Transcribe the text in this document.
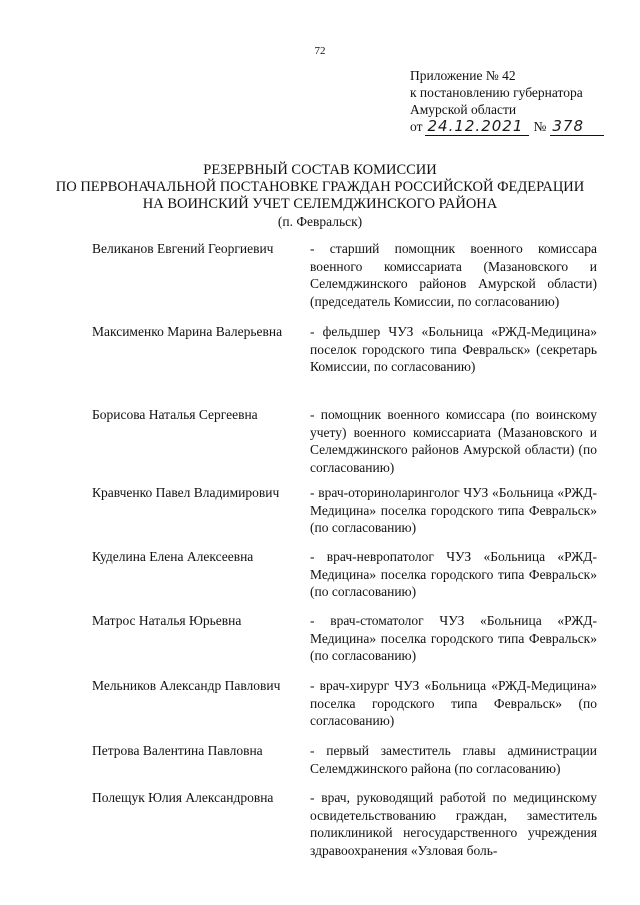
72
Приложение № 42
к постановлению губернатора
Амурской области
от 24.12.2021 № 378
РЕЗЕРВНЫЙ СОСТАВ КОМИССИИ
ПО ПЕРВОНАЧАЛЬНОЙ ПОСТАНОВКЕ ГРАЖДАН РОССИЙСКОЙ ФЕДЕРАЦИИ
НА ВОИНСКИЙ УЧЕТ СЕЛЕМДЖИНСКОГО РАЙОНА
(п. Февральск)
Великанов Евгений Георгиевич	- старший помощник военного комиссара военного комиссариата (Мазановского и Селемджинского районов Амурской области) (председатель Комиссии, по согласованию)
Максименко Марина Валерьевна	- фельдшер ЧУЗ «Больница «РЖД-Медицина» поселок городского типа Февральск» (секретарь Комиссии, по согласованию)
Борисова Наталья Сергеевна	- помощник военного комиссара (по воинскому учету) военного комиссариата (Мазановского и Селемджинского районов Амурской области) (по согласованию)
Кравченко Павел Владимирович	- врач-оториноларинголог ЧУЗ «Больница «РЖД-Медицина» поселка городского типа Февральск» (по согласованию)
Куделина Елена Алексеевна	- врач-невропатолог ЧУЗ «Больница «РЖД-Медицина» поселка городского типа Февральск» (по согласованию)
Матрос Наталья Юрьевна	- врач-стоматолог ЧУЗ «Больница «РЖД-Медицина» поселка городского типа Февральск» (по согласованию)
Мельников Александр Павлович	- врач-хирург ЧУЗ «Больница «РЖД-Медицина» поселка городского типа Февральск» (по согласованию)
Петрова Валентина Павловна	- первый заместитель главы администрации Селемджинского района (по согласованию)
Полещук Юлия Александровна	- врач, руководящий работой по медицинскому освидетельствованию граждан, заместитель поликлиникой негосударственного учреждения здравоохранения «Узловая боль-
